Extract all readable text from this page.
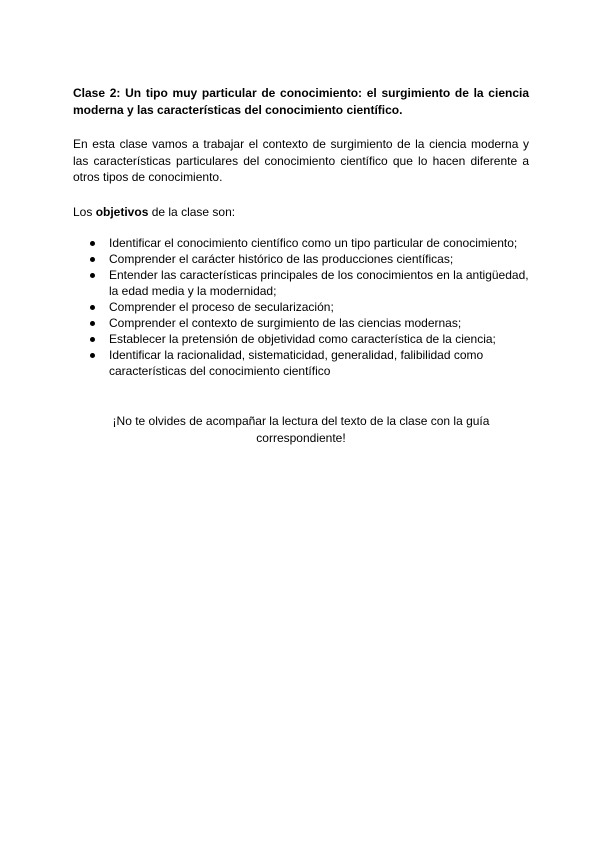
Clase 2: Un tipo muy particular de conocimiento: el surgimiento de la ciencia moderna y las características del conocimiento científico.

En esta clase vamos a trabajar el contexto de surgimiento de la ciencia moderna y las características particulares del conocimiento científico que lo hacen diferente a otros tipos de conocimiento.

Los objetivos de la clase son:

Identificar el conocimiento científico como un tipo particular de conocimiento;
Comprender el carácter histórico de las producciones científicas;
Entender las características principales de los conocimientos en la antigüedad, la edad media y la modernidad;
Comprender el proceso de secularización;
Comprender el contexto de surgimiento de las ciencias modernas;
Establecer la pretensión de objetividad como característica de la ciencia;
Identificar la racionalidad, sistematicidad, generalidad, falibilidad como características del conocimiento científico

¡No te olvides de acompañar la lectura del texto de la clase con la guía correspondiente!
